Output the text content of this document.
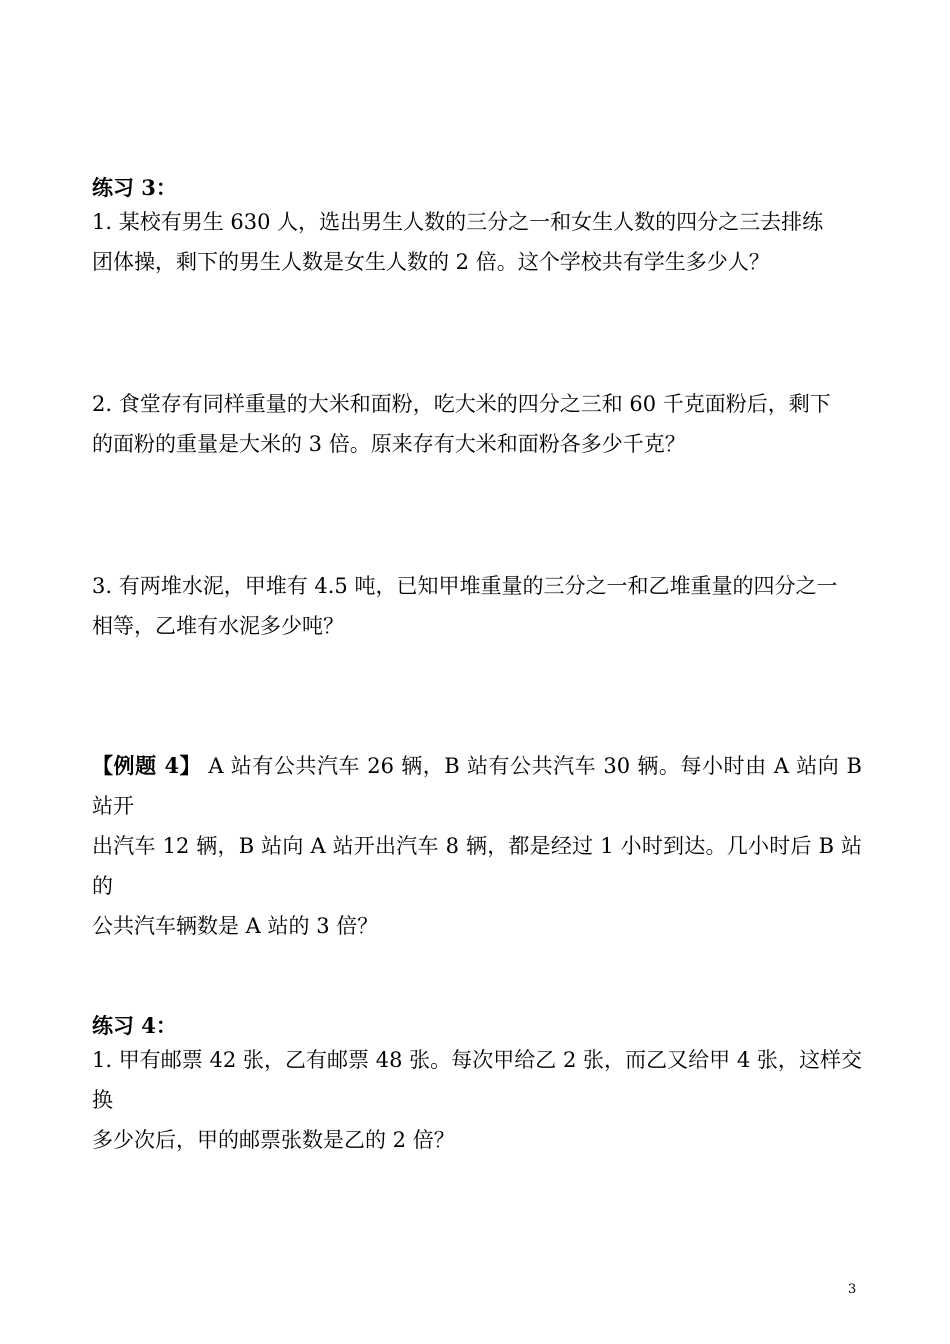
练习 3：

1. 某校有男生 630 人，选出男生人数的三分之一和女生人数的四分之三去排练

团体操，剩下的男生人数是女生人数的 2 倍。这个学校共有学生多少人？

2. 食堂存有同样重量的大米和面粉，吃大米的四分之三和 60 千克面粉后，剩下

的面粉的重量是大米的 3 倍。原来存有大米和面粉各多少千克？

3. 有两堆水泥，甲堆有 4.5 吨，已知甲堆重量的三分之一和乙堆重量的四分之一

相等，乙堆有水泥多少吨？

【例题 4】 A 站有公共汽车 26 辆，B 站有公共汽车 30 辆。每小时由 A 站向 B 站开

出汽车 12 辆，B 站向 A 站开出汽车 8 辆，都是经过 1 小时到达。几小时后 B 站的

公共汽车辆数是 A 站的 3 倍？

练习 4：

1. 甲有邮票 42 张，乙有邮票 48 张。每次甲给乙 2 张，而乙又给甲 4 张，这样交换

多少次后，甲的邮票张数是乙的 2 倍？

3
